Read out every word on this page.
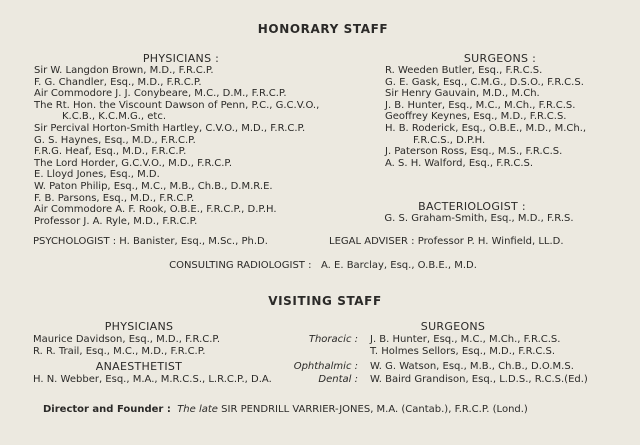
HONORARY STAFF
PHYSICIANS :	SURGEONS :
Sir W. Langdon Brown, M.D., F.R.C.P.
F. G. Chandler, Esq., M.D., F.R.C.P.
Air Commodore J. J. Conybeare, M.C., D.M., F.R.C.P.
The Rt. Hon. the Viscount Dawson of Penn, P.C., G.C.V.O.,
K.C.B., K.C.M.G., etc.
Sir Percival Horton-Smith Hartley, C.V.O., M.D., F.R.C.P.
G. S. Haynes, Esq., M.D., F.R.C.P.
F.R.G. Heaf, Esq., M.D., F.R.C.P.
The Lord Horder, G.C.V.O., M.D., F.R.C.P.
E. Lloyd Jones, Esq., M.D.
W. Paton Philip, Esq., M.C., M.B., Ch.B., D.M.R.E.
F. B. Parsons, Esq., M.D., F.R.C.P.
Air Commodore A. F. Rook, O.B.E., F.R.C.P., D.P.H.
Professor J. A. Ryle, M.D., F.R.C.P.
R. Weeden Butler, Esq., F.R.C.S.
G. E. Gask, Esq., C.M.G., D.S.O., F.R.C.S.
Sir Henry Gauvain, M.D., M.Ch.
J. B. Hunter, Esq., M.C., M.Ch., F.R.C.S.
Geoffrey Keynes, Esq., M.D., F.R.C.S.
H. B. Roderick, Esq., O.B.E., M.D., M.Ch.,
F.R.C.S., D.P.H.
J. Paterson Ross, Esq., M.S., F.R.C.S.
A. S. H. Walford, Esq., F.R.C.S.
BACTERIOLOGIST :
G. S. Graham-Smith, Esq., M.D., F.R.S.
PSYCHOLOGIST : H. Banister, Esq., M.Sc., Ph.D.	LEGAL ADVISER : Professor P. H. Winfield, LL.D.
CONSULTING RADIOLOGIST : A. E. Barclay, Esq., O.B.E., M.D.
VISITING STAFF
PHYSICIANS
Maurice Davidson, Esq., M.D., F.R.C.P.
R. R. Trail, Esq., M.C., M.D., F.R.C.P.
ANAESTHETIST
H. N. Webber, Esq., M.A., M.R.C.S., L.R.C.P., D.A.
SURGEONS
Thoracic : J. B. Hunter, Esq., M.C., M.Ch., F.R.C.S.
T. Holmes Sellors, Esq., M.D., F.R.C.S.
Ophthalmic : W. G. Watson, Esq., M.B., Ch.B., D.O.M.S.
Dental : W. Baird Grandison, Esq., L.D.S., R.C.S.(Ed.)
Director and Founder : The late SIR PENDRILL VARRIER-JONES, M.A. (Cantab.), F.R.C.P. (Lond.)
